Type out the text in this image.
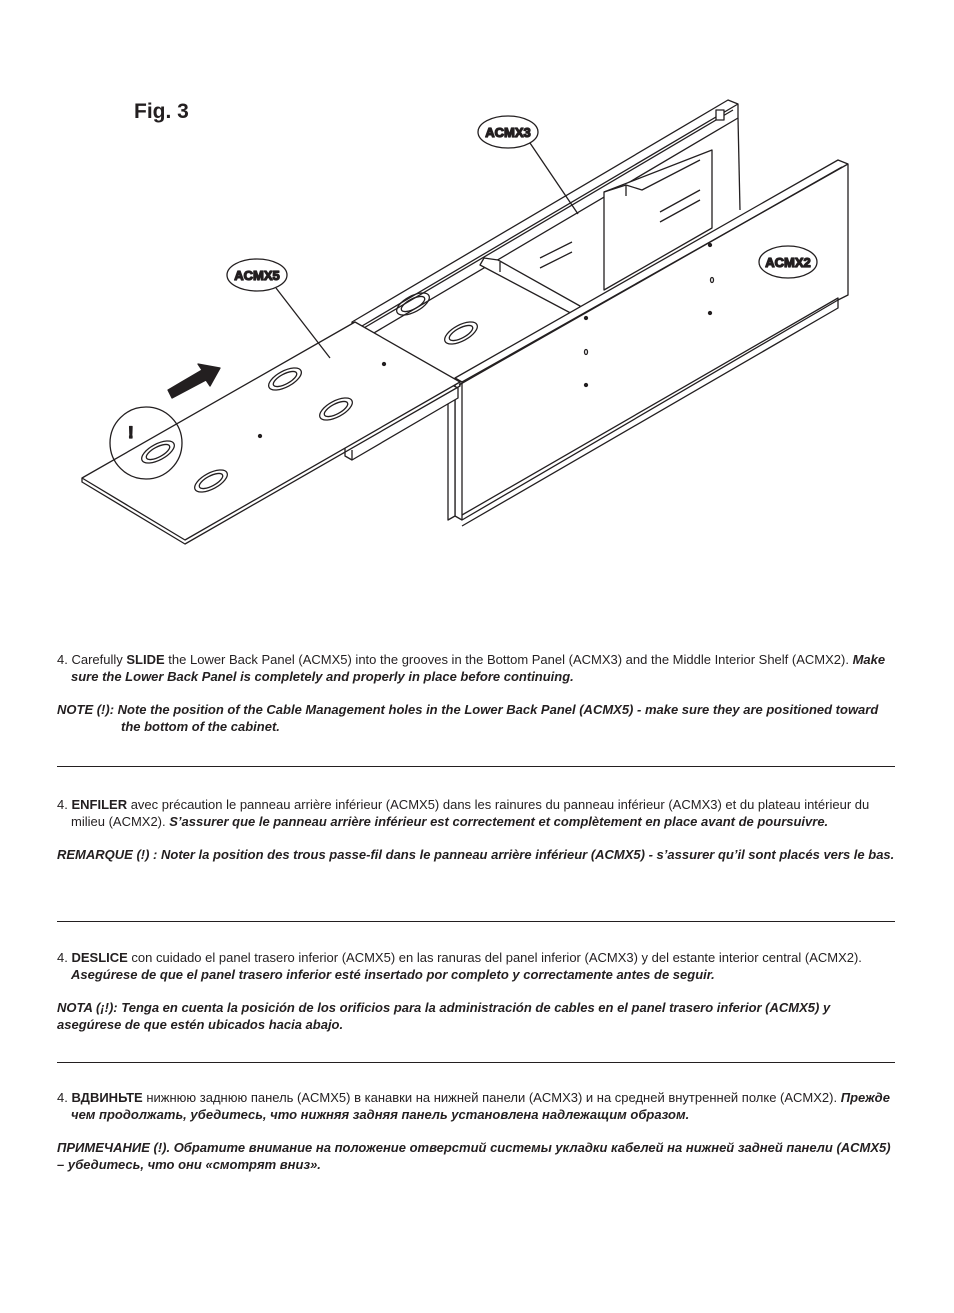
Fig. 3
!
ACMX3
ACMX2
ACMX5

4. Carefully SLIDE the Lower Back Panel (ACMX5) into the grooves in the Bottom Panel (ACMX3) and the Middle Interior Shelf (ACMX2). Make sure the Lower Back Panel is completely and properly in place before continuing.

NOTE (!): Note the position of the Cable Management holes in the Lower Back Panel (ACMX5) - make sure they are positioned toward the bottom of the cabinet.

4. ENFILER avec précaution le panneau arrière inférieur (ACMX5) dans les rainures du panneau inférieur (ACMX3) et du plateau intérieur du milieu (ACMX2). S’assurer que le panneau arrière inférieur est correctement et complètement en place avant de poursuivre.

REMARQUE (!) : Noter la position des trous passe-fil dans le panneau arrière inférieur (ACMX5) - s’assurer qu’il sont placés vers le bas.

4. DESLICE con cuidado el panel trasero inferior (ACMX5) en las ranuras del panel inferior (ACMX3) y del estante interior central (ACMX2). Asegúrese de que el panel trasero inferior esté insertado por completo y correctamente antes de seguir.

NOTA (¡!): Tenga en cuenta la posición de los orificios para la administración de cables en el panel trasero inferior (ACMX5) y asegúrese de que estén ubicados hacia abajo.

4. ВДВИНЬТЕ нижнюю заднюю панель (ACMX5) в канавки на нижней панели (ACMX3) и на средней внутренней полке (ACMX2). Прежде чем продолжать, убедитесь, что нижняя задняя панель установлена надлежащим образом.

ПРИМЕЧАНИЕ (!). Обратите внимание на положение отверстий системы укладки кабелей на нижней задней панели (ACMX5) – убедитесь, что они «смотрят вниз».
